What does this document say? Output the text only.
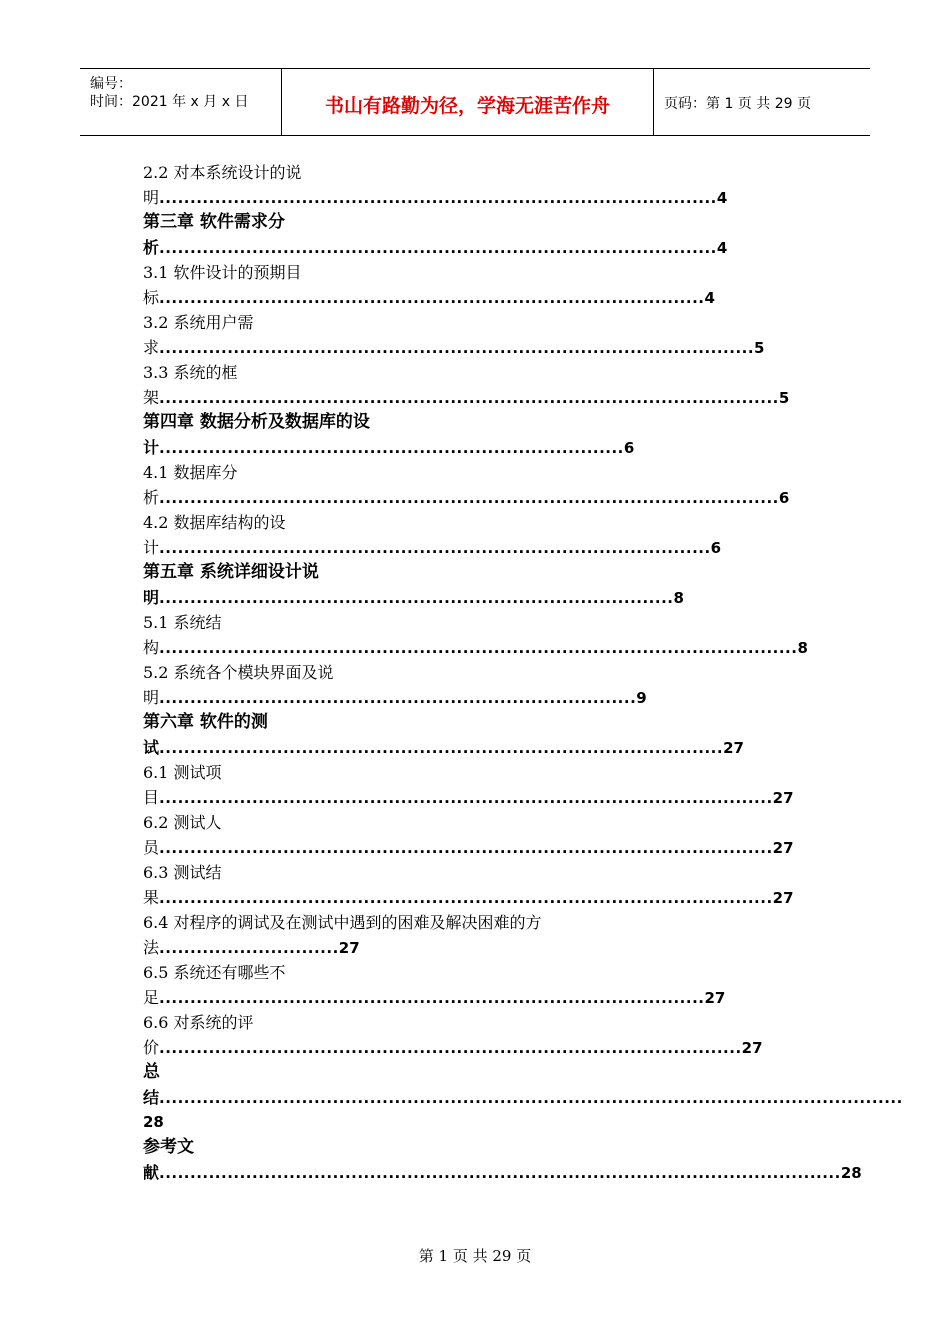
编号：
时间：2021 年 x 月 x 日	书山有路勤为径，学海无涯苦作舟	页码：第 1 页 共 29 页
2.2 对本系统设计的说
明..........................................................................................4
第三章 软件需求分
析..........................................................................................4
3.1 软件设计的预期目
标........................................................................................4
3.2 系统用户需
求................................................................................................5
3.3 系统的框
架....................................................................................................5
第四章 数据分析及数据库的设
计...........................................................................6
4.1 数据库分
析....................................................................................................6
4.2 数据库结构的设
计.........................................................................................6
第五章 系统详细设计说
明...................................................................................8
5.1 系统结
构.......................................................................................................8
5.2 系统各个模块界面及说
明.............................................................................9
第六章 软件的测
试...........................................................................................27
6.1 测试项
目...................................................................................................27
6.2 测试人
员...................................................................................................27
6.3 测试结
果...................................................................................................27
6.4 对程序的调试及在测试中遇到的困难及解决困难的方
法.............................27
6.5 系统还有哪些不
足........................................................................................27
6.6 对系统的评
价..............................................................................................27
总
结........................................................................................................................
28
参考文
献..............................................................................................................28
第 1 页 共 29 页
